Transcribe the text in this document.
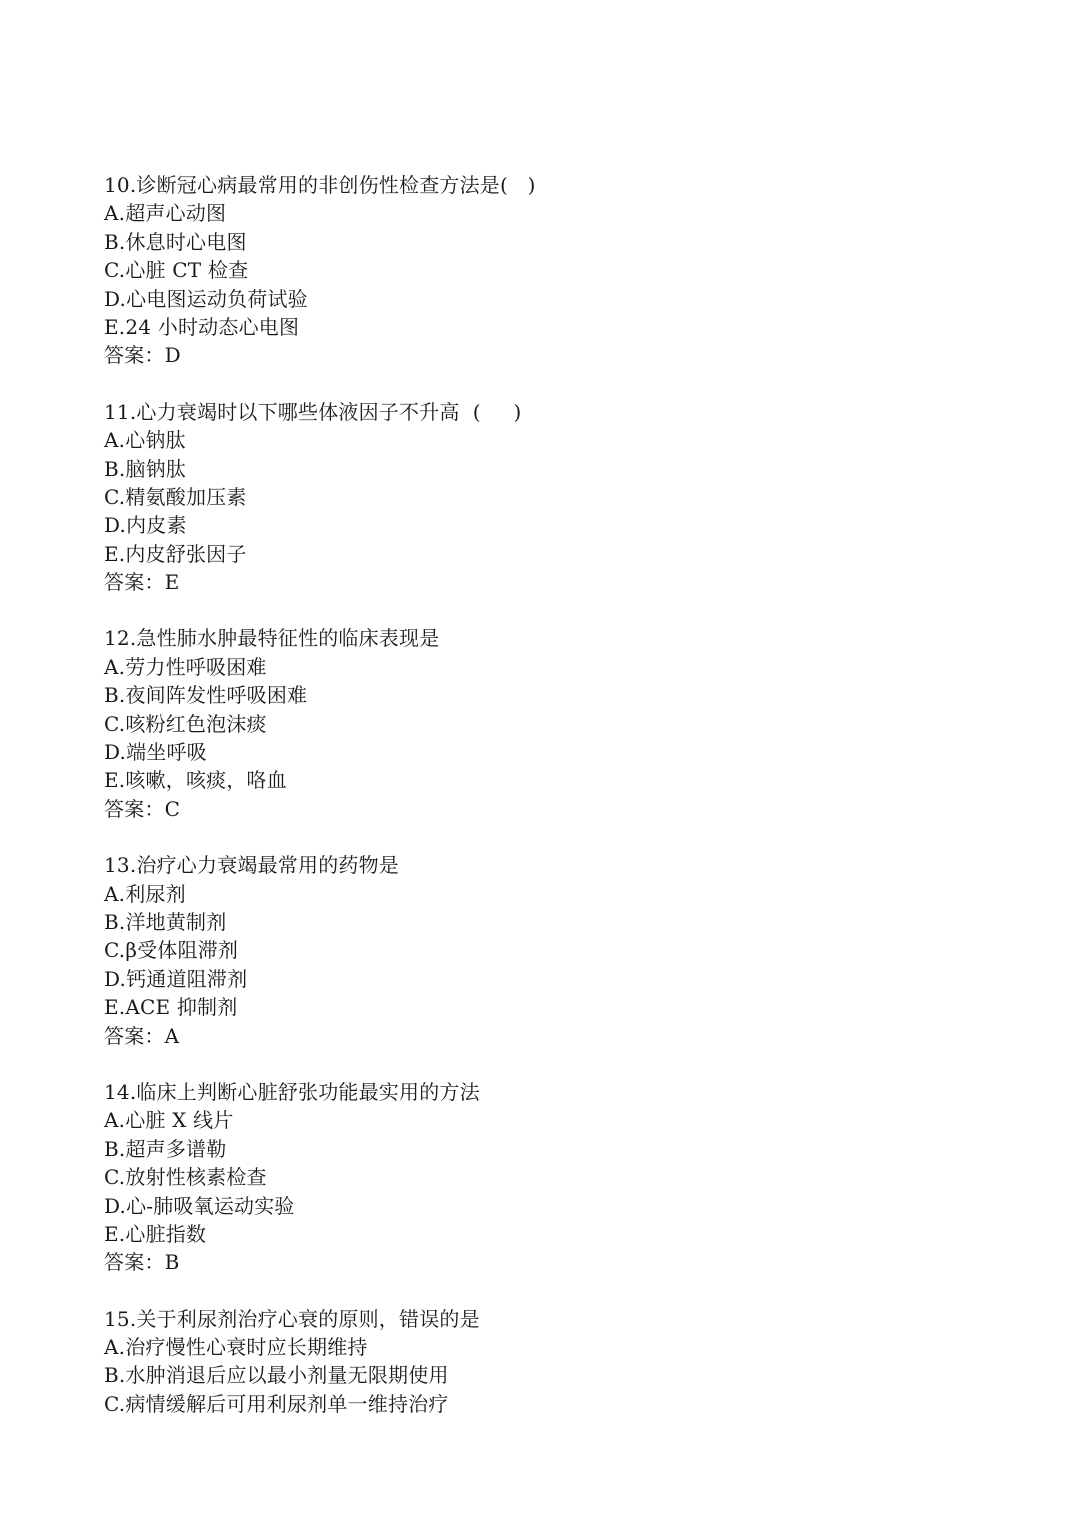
10.诊断冠心病最常用的非创伤性检查方法是(   )
A.超声心动图
B.休息时心电图
C.心脏 CT 检查
D.心电图运动负荷试验
E.24 小时动态心电图
答案：D
11.心力衰竭时以下哪些体液因子不升高  (     )
A.心钠肽
B.脑钠肽
C.精氨酸加压素
D.内皮素
E.内皮舒张因子
答案：E
12.急性肺水肿最特征性的临床表现是
A.劳力性呼吸困难
B.夜间阵发性呼吸困难
C.咳粉红色泡沫痰
D.端坐呼吸
E.咳嗽，咳痰，咯血
答案：C
13.治疗心力衰竭最常用的药物是
A.利尿剂
B.洋地黄制剂
C.β受体阻滞剂
D.钙通道阻滞剂
E.ACE 抑制剂
答案：A
14.临床上判断心脏舒张功能最实用的方法
A.心脏 X 线片
B.超声多谱勒
C.放射性核素检查
D.心-肺吸氧运动实验
E.心脏指数
答案：B
15.关于利尿剂治疗心衰的原则，错误的是
A.治疗慢性心衰时应长期维持
B.水肿消退后应以最小剂量无限期使用
C.病情缓解后可用利尿剂单一维持治疗
